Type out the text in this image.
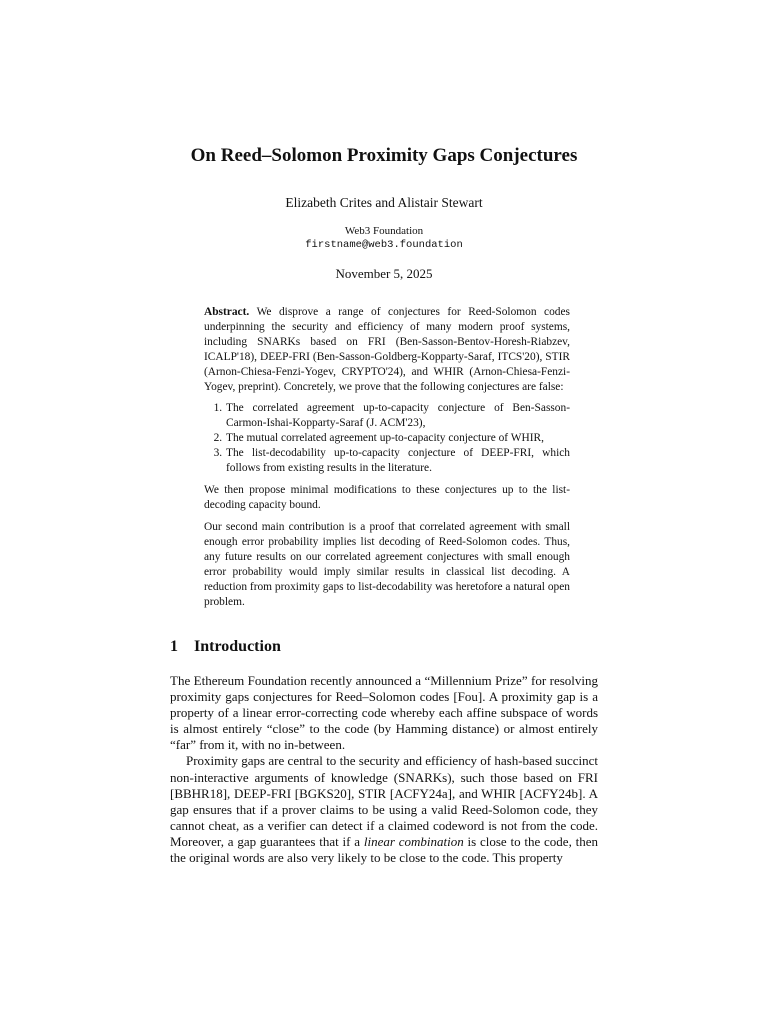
On Reed–Solomon Proximity Gaps Conjectures
Elizabeth Crites and Alistair Stewart
Web3 Foundation
firstname@web3.foundation
November 5, 2025

Abstract. We disprove a range of conjectures for Reed-Solomon codes underpinning the security and efficiency of many modern proof systems, including SNARKs based on FRI (Ben-Sasson-Bentov-Horesh-Riabzev, ICALP'18), DEEP-FRI (Ben-Sasson-Goldberg-Kopparty-Saraf, ITCS'20), STIR (Arnon-Chiesa-Fenzi-Yogev, CRYPTO'24), and WHIR (Arnon-Chiesa-Fenzi-Yogev, preprint). Concretely, we prove that the following conjectures are false:

1. The correlated agreement up-to-capacity conjecture of Ben-Sasson-Carmon-Ishai-Kopparty-Saraf (J. ACM'23),
2. The mutual correlated agreement up-to-capacity conjecture of WHIR,
3. The list-decodability up-to-capacity conjecture of DEEP-FRI, which follows from existing results in the literature.

We then propose minimal modifications to these conjectures up to the list-decoding capacity bound.

Our second main contribution is a proof that correlated agreement with small enough error probability implies list decoding of Reed-Solomon codes. Thus, any future results on our correlated agreement conjectures with small enough error probability would imply similar results in classical list decoding. A reduction from proximity gaps to list-decodability was heretofore a natural open problem.

1 Introduction

The Ethereum Foundation recently announced a “Millennium Prize” for resolving proximity gaps conjectures for Reed–Solomon codes [Fou]. A proximity gap is a property of a linear error-correcting code whereby each affine subspace of words is almost entirely “close” to the code (by Hamming distance) or almost entirely “far” from it, with no in-between.

Proximity gaps are central to the security and efficiency of hash-based succinct non-interactive arguments of knowledge (SNARKs), such those based on FRI [BBHR18], DEEP-FRI [BGKS20], STIR [ACFY24a], and WHIR [ACFY24b]. A gap ensures that if a prover claims to be using a valid Reed-Solomon code, they cannot cheat, as a verifier can detect if a claimed codeword is not from the code. Moreover, a gap guarantees that if a linear combination is close to the code, then the original words are also very likely to be close to the code. This property
